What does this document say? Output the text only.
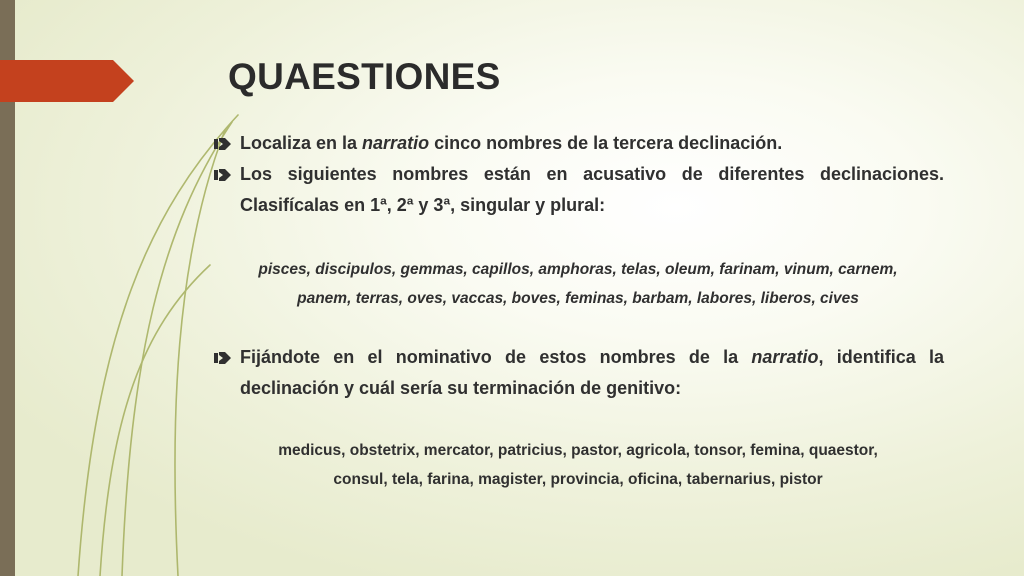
QUAESTIONES

Localiza en la narratio cinco nombres de la tercera declinación.

Los siguientes nombres están en acusativo de diferentes declinaciones. Clasifícalas en 1ª, 2ª y 3ª, singular y plural:

pisces, discipulos, gemmas, capillos, amphoras, telas, oleum, farinam, vinum, carnem,
panem, terras, oves, vaccas, boves, feminas, barbam, labores, liberos, cives

Fijándote en el nominativo de estos nombres de la narratio, identifica la declinación y cuál sería su terminación de genitivo:

medicus, obstetrix, mercator, patricius, pastor, agricola, tonsor, femina, quaestor,
consul, tela, farina, magister, provincia, oficina, tabernarius, pistor
